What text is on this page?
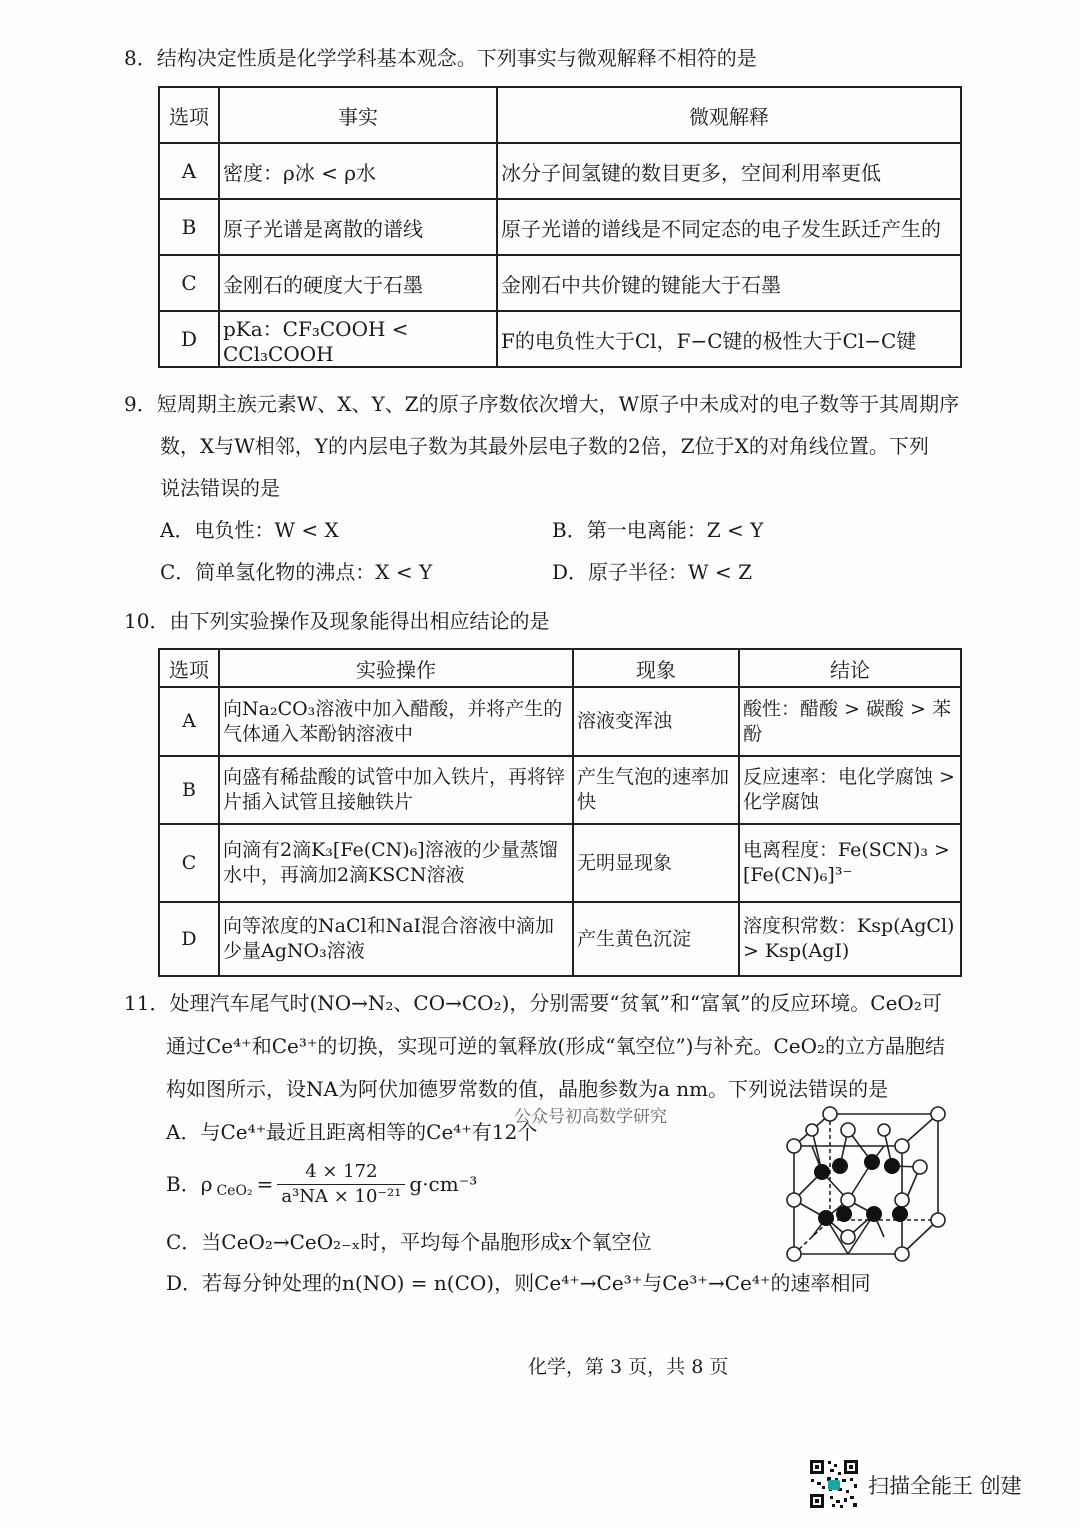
8．结构决定性质是化学学科基本观念。下列事实与微观解释不相符的是
选项	事实	微观解释
A	密度：ρ冰 < ρ水	冰分子间氢键的数目更多，空间利用率更低
B	原子光谱是离散的谱线	原子光谱的谱线是不同定态的电子发生跃迁产生的
C	金刚石的硬度大于石墨	金刚石中共价键的键能大于石墨
D	pKa：CF₃COOH < CCl₃COOH	F的电负性大于Cl，F−C键的极性大于Cl−C键
9．短周期主族元素W、X、Y、Z的原子序数依次增大，W原子中未成对的电子数等于其周期序
数，X与W相邻，Y的内层电子数为其最外层电子数的2倍，Z位于X的对角线位置。下列
说法错误的是
A．电负性：W < X	B．第一电离能：Z < Y
C．简单氢化物的沸点：X < Y	D．原子半径：W < Z
10．由下列实验操作及现象能得出相应结论的是
选项	实验操作	现象	结论
A	向Na₂CO₃溶液中加入醋酸，并将产生的气体通入苯酚钠溶液中	溶液变浑浊	酸性：醋酸 > 碳酸 > 苯酚
B	向盛有稀盐酸的试管中加入铁片，再将锌片插入试管且接触铁片	产生气泡的速率加快	反应速率：电化学腐蚀 > 化学腐蚀
C	向滴有2滴K₃[Fe(CN)₆]溶液的少量蒸馏水中，再滴加2滴KSCN溶液	无明显现象	电离程度：Fe(SCN)₃ > [Fe(CN)₆]³⁻
D	向等浓度的NaCl和NaI混合溶液中滴加少量AgNO₃溶液	产生黄色沉淀	溶度积常数：Ksp(AgCl) > Ksp(AgI)
11．处理汽车尾气时(NO→N₂、CO→CO₂)，分别需要“贫氧”和“富氧”的反应环境。CeO₂可
通过Ce⁴⁺和Ce³⁺的切换，实现可逆的氧释放(形成“氧空位”)与补充。CeO₂的立方晶胞结
构如图所示，设NA为阿伏加德罗常数的值，晶胞参数为a nm。下列说法错误的是
公众号初高数学研究
A．与Ce⁴⁺最近且距离相等的Ce⁴⁺有12个
B．ρ $CeO_2 = \frac{4 \times 172}{\text{a³NA × 10⁻²¹}} g\cdot cm^{-3}$
C．当CeO₂→CeO₂₋ₓ时，平均每个晶胞形成x个氧空位
D．若每分钟处理的n(NO) = n(CO)，则Ce⁴⁺→Ce³⁺与Ce³⁺→Ce⁴⁺的速率相同
化学，第 3 页，共 8 页
扫描全能王 创建
